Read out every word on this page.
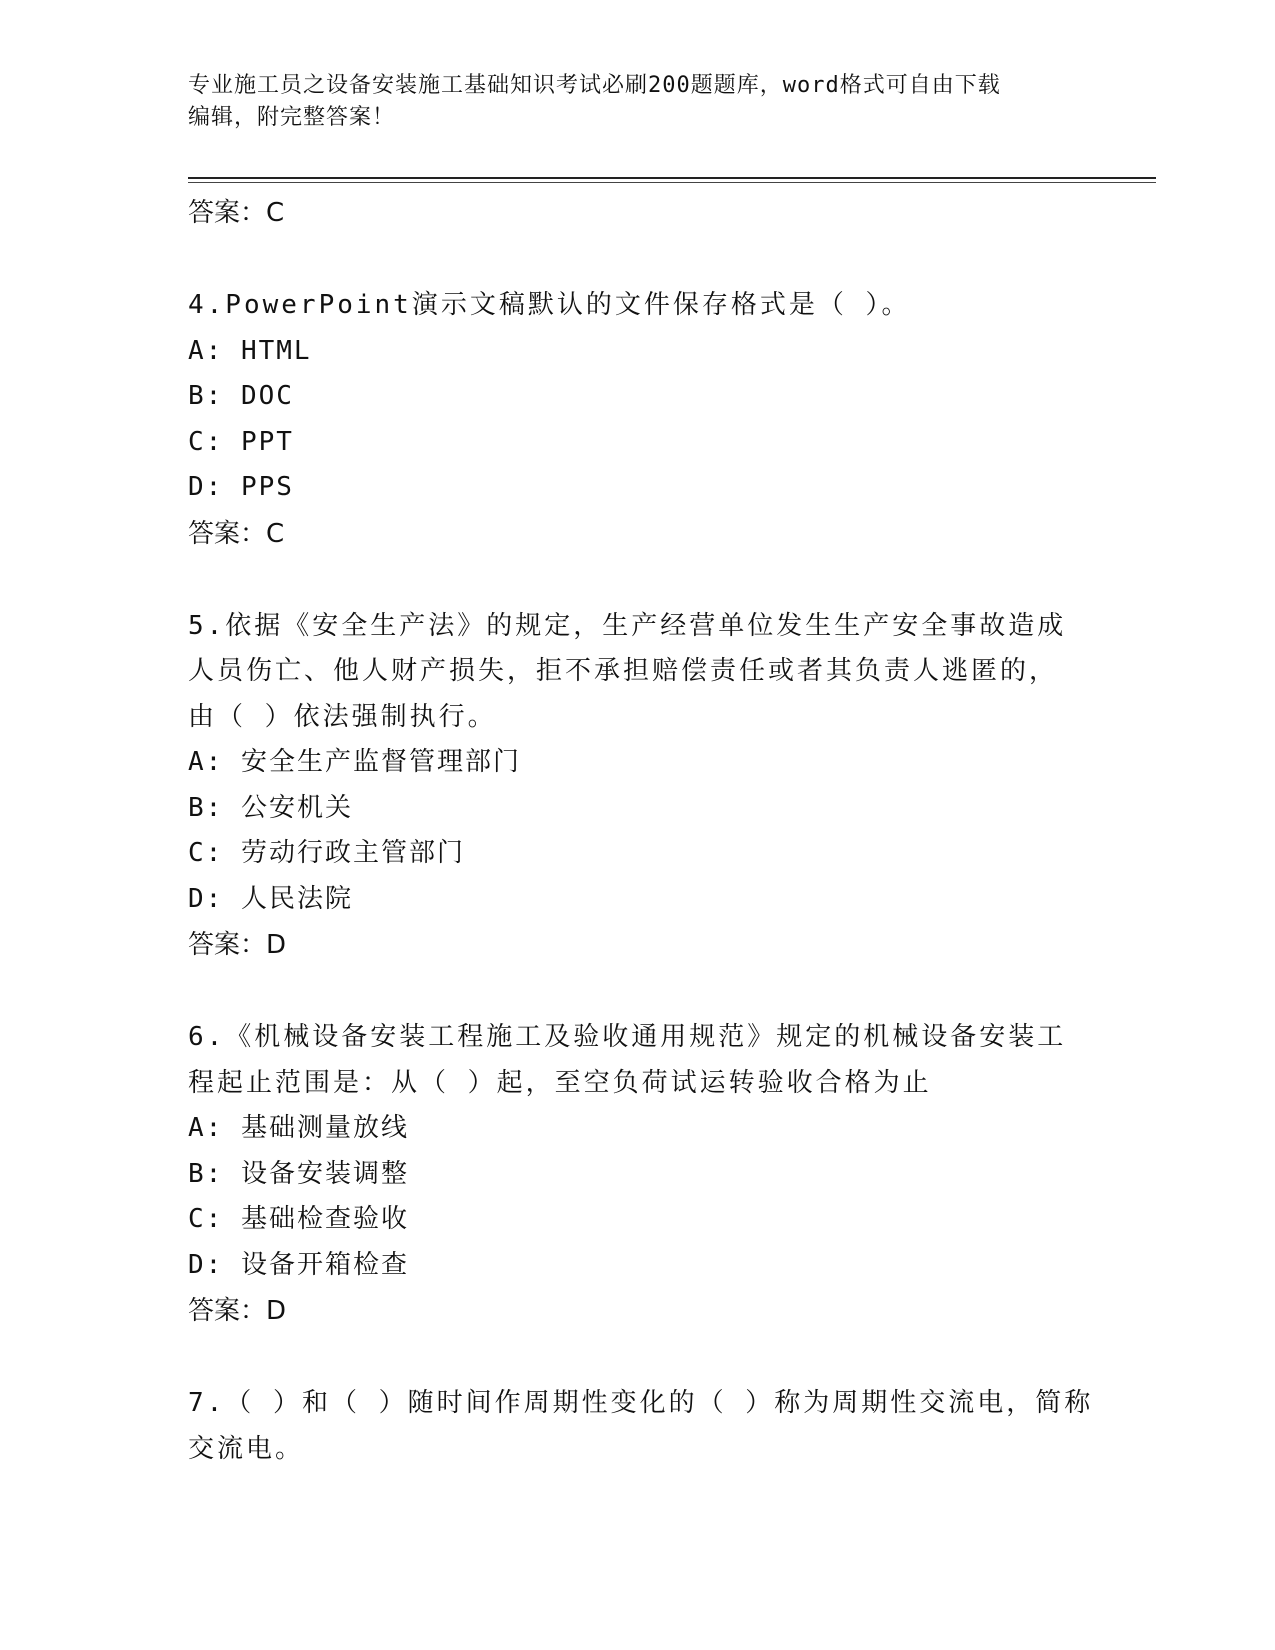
专业施工员之设备安装施工基础知识考试必刷200题题库，word格式可自由下载
编辑，附完整答案！
答案：C
4.PowerPoint演示文稿默认的文件保存格式是（ ）。
A: HTML
B: DOC
C: PPT
D: PPS
答案：C
5.依据《安全生产法》的规定，生产经营单位发生生产安全事故造成
人员伤亡、他人财产损失，拒不承担赔偿责任或者其负责人逃匿的，
由（ ）依法强制执行。
A: 安全生产监督管理部门
B: 公安机关
C: 劳动行政主管部门
D: 人民法院
答案：D
6.《机械设备安装工程施工及验收通用规范》规定的机械设备安装工
程起止范围是：从（ ）起，至空负荷试运转验收合格为止
A: 基础测量放线
B: 设备安装调整
C: 基础检查验收
D: 设备开箱检查
答案：D
7.（ ）和（ ）随时间作周期性变化的（ ）称为周期性交流电，简称
交流电。
